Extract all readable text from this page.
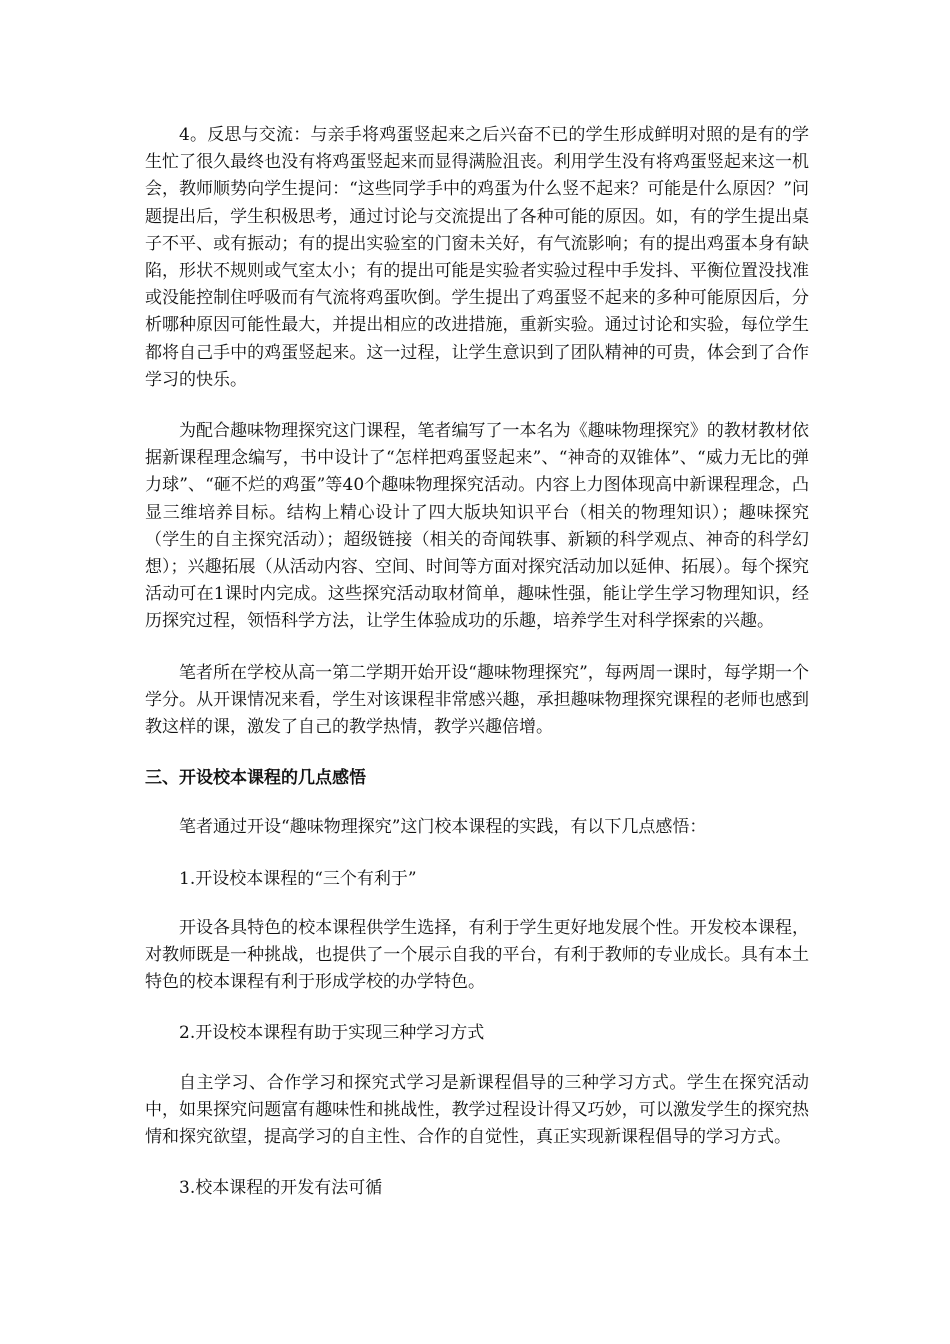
4。反思与交流：与亲手将鸡蛋竖起来之后兴奋不已的学生形成鲜明对照的是有的学生忙了很久最终也没有将鸡蛋竖起来而显得满脸沮丧。利用学生没有将鸡蛋竖起来这一机会，教师顺势向学生提问：“这些同学手中的鸡蛋为什么竖不起来？可能是什么原因？”问题提出后，学生积极思考，通过讨论与交流提出了各种可能的原因。如，有的学生提出桌子不平、或有振动；有的提出实验室的门窗未关好，有气流影响；有的提出鸡蛋本身有缺陷，形状不规则或气室太小；有的提出可能是实验者实验过程中手发抖、平衡位置没找准或没能控制住呼吸而有气流将鸡蛋吹倒。学生提出了鸡蛋竖不起来的多种可能原因后，分析哪种原因可能性最大，并提出相应的改进措施，重新实验。通过讨论和实验，每位学生都将自己手中的鸡蛋竖起来。这一过程，让学生意识到了团队精神的可贵，体会到了合作学习的快乐。

为配合趣味物理探究这门课程，笔者编写了一本名为《趣味物理探究》的教材教材依据新课程理念编写，书中设计了“怎样把鸡蛋竖起来”、“神奇的双锥体”、“威力无比的弹力球”、“砸不烂的鸡蛋”等40个趣味物理探究活动。内容上力图体现高中新课程理念，凸显三维培养目标。结构上精心设计了四大版块知识平台（相关的物理知识）；趣味探究（学生的自主探究活动）；超级链接（相关的奇闻轶事、新颖的科学观点、神奇的科学幻想）；兴趣拓展（从活动内容、空间、时间等方面对探究活动加以延伸、拓展）。每个探究活动可在1课时内完成。这些探究活动取材简单，趣味性强，能让学生学习物理知识，经历探究过程，领悟科学方法，让学生体验成功的乐趣，培养学生对科学探索的兴趣。

笔者所在学校从高一第二学期开始开设“趣味物理探究”，每两周一课时，每学期一个学分。从开课情况来看，学生对该课程非常感兴趣，承担趣味物理探究课程的老师也感到教这样的课，激发了自己的教学热情，教学兴趣倍增。

三、开设校本课程的几点感悟

笔者通过开设“趣味物理探究”这门校本课程的实践，有以下几点感悟：

1.开设校本课程的“三个有利于”

开设各具特色的校本课程供学生选择，有利于学生更好地发展个性。开发校本课程，对教师既是一种挑战，也提供了一个展示自我的平台，有利于教师的专业成长。具有本土特色的校本课程有利于形成学校的办学特色。

2.开设校本课程有助于实现三种学习方式

自主学习、合作学习和探究式学习是新课程倡导的三种学习方式。学生在探究活动中，如果探究问题富有趣味性和挑战性，教学过程设计得又巧妙，可以激发学生的探究热情和探究欲望，提高学习的自主性、合作的自觉性，真正实现新课程倡导的学习方式。

3.校本课程的开发有法可循
